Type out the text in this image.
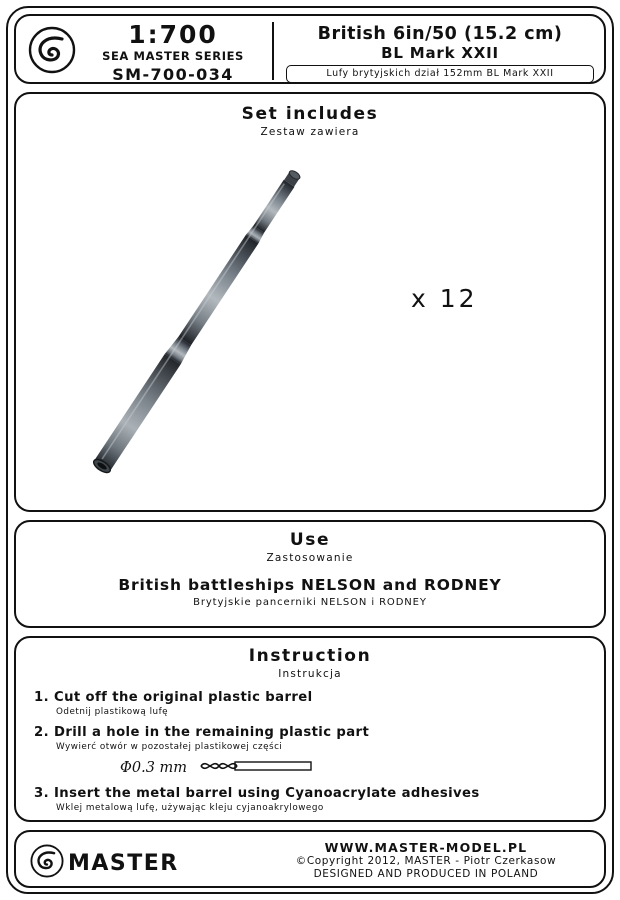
1:700
SEA MASTER SERIES
SM-700-034
British 6in/50 (15.2 cm)
BL Mark XXII
Lufy brytyjskich dział 152mm BL Mark XXII
Set includes
Zestaw zawiera
x 12
Use
Zastosowanie
British battleships NELSON and RODNEY
Brytyjskie pancerniki NELSON i RODNEY
Instruction
Instrukcja
1. Cut off the original plastic barrel
Odetnij plastikową lufę
2. Drill a hole in the remaining plastic part
Wywierć otwór w pozostałej plastikowej części
Φ0.3 mm
3. Insert the metal barrel using Cyanoacrylate adhesives
Wklej metalową lufę, używając kleju cyjanoakrylowego
MASTER
WWW.MASTER-MODEL.PL
©Copyright 2012, MASTER - Piotr Czerkasow
DESIGNED AND PRODUCED IN POLAND
